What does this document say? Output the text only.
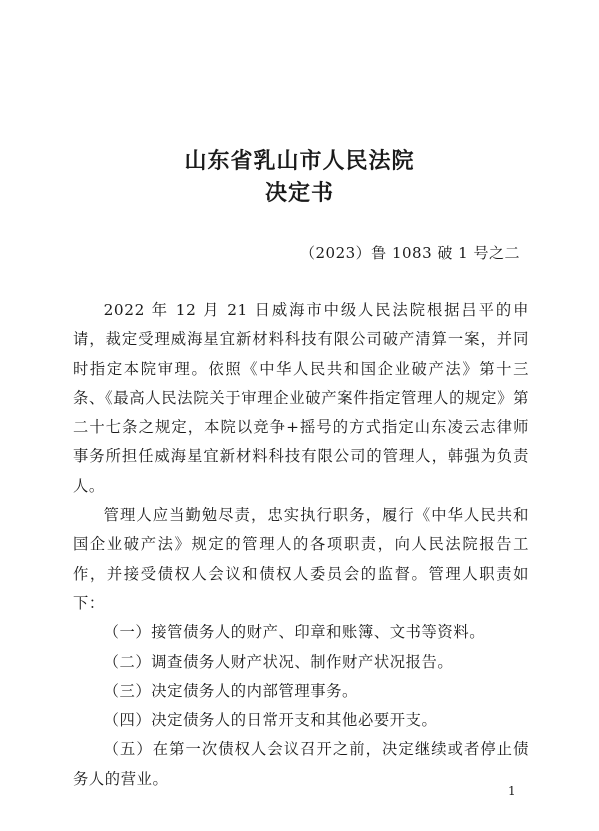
山东省乳山市人民法院
决定书
（2023）鲁 1083 破 1 号之二

2022 年 12 月 21 日威海市中级人民法院根据吕平的申请，裁定受理威海星宜新材料科技有限公司破产清算一案，并同时指定本院审理。依照《中华人民共和国企业破产法》第十三条、《最高人民法院关于审理企业破产案件指定管理人的规定》第二十七条之规定，本院以竞争+摇号的方式指定山东凌云志律师事务所担任威海星宜新材料科技有限公司的管理人，韩强为负责人。

管理人应当勤勉尽责，忠实执行职务，履行《中华人民共和国企业破产法》规定的管理人的各项职责，向人民法院报告工作，并接受债权人会议和债权人委员会的监督。管理人职责如下：

（一）接管债务人的财产、印章和账簿、文书等资料。

（二）调查债务人财产状况、制作财产状况报告。

（三）决定债务人的内部管理事务。

（四）决定债务人的日常开支和其他必要开支。

（五）在第一次债权人会议召开之前，决定继续或者停止债务人的营业。

1
